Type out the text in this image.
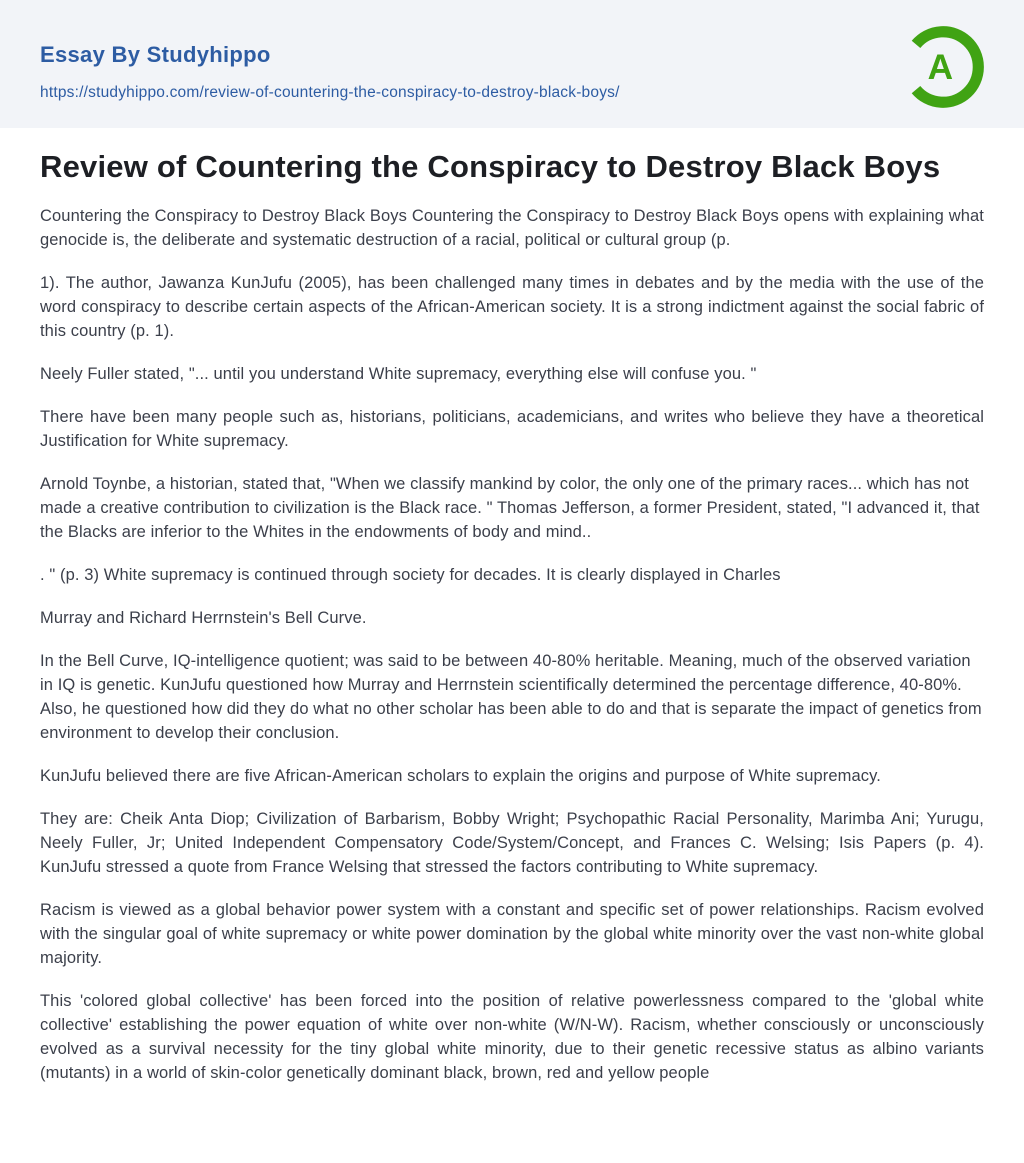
Essay By Studyhippo
https://studyhippo.com/review-of-countering-the-conspiracy-to-destroy-black-boys/
A
Review of Countering the Conspiracy to Destroy Black Boys

Countering the Conspiracy to Destroy Black Boys Countering the Conspiracy to Destroy Black Boys opens with explaining what genocide is, the deliberate and systematic destruction of a racial, political or cultural group (p.

1). The author, Jawanza KunJufu (2005), has been challenged many times in debates and by the media with the use of the word conspiracy to describe certain aspects of the African-American society. It is a strong indictment against the social fabric of this country (p. 1).

Neely Fuller stated, "... until you understand White supremacy, everything else will confuse you. "

There have been many people such as, historians, politicians, academicians, and writes who believe they have a theoretical Justification for White supremacy.

Arnold Toynbe, a historian, stated that, "When we classify mankind by color, the only one of the primary races... which has not made a creative contribution to civilization is the Black race. " Thomas Jefferson, a former President, stated, "I advanced it, that the Blacks are inferior to the Whites in the endowments of body and mind..

. " (p. 3) White supremacy is continued through society for decades. It is clearly displayed in Charles

Murray and Richard Herrnstein's Bell Curve.

In the Bell Curve, IQ-intelligence quotient; was said to be between 40-80% heritable. Meaning, much of the observed variation in IQ is genetic. KunJufu questioned how Murray and Herrnstein scientifically determined the percentage difference, 40-80%. Also, he questioned how did they do what no other scholar has been able to do and that is separate the impact of genetics from environment to develop their conclusion.

KunJufu believed there are five African-American scholars to explain the origins and purpose of White supremacy.

They are: Cheik Anta Diop; Civilization of Barbarism, Bobby Wright; Psychopathic Racial Personality, Marimba Ani; Yurugu, Neely Fuller, Jr; United Independent Compensatory Code/System/Concept, and Frances C. Welsing; Isis Papers (p. 4). KunJufu stressed a quote from France Welsing that stressed the factors contributing to White supremacy.

Racism is viewed as a global behavior power system with a constant and specific set of power relationships. Racism evolved with the singular goal of white supremacy or white power domination by the global white minority over the vast non-white global majority.

This 'colored global collective' has been forced into the position of relative powerlessness compared to the 'global white collective' establishing the power equation of white over non-white (W/N-W). Racism, whether consciously or unconsciously evolved as a survival necessity for the tiny global white minority, due to their genetic recessive status as albino variants (mutants) in a world of skin-color genetically dominant black, brown, red and yellow people
